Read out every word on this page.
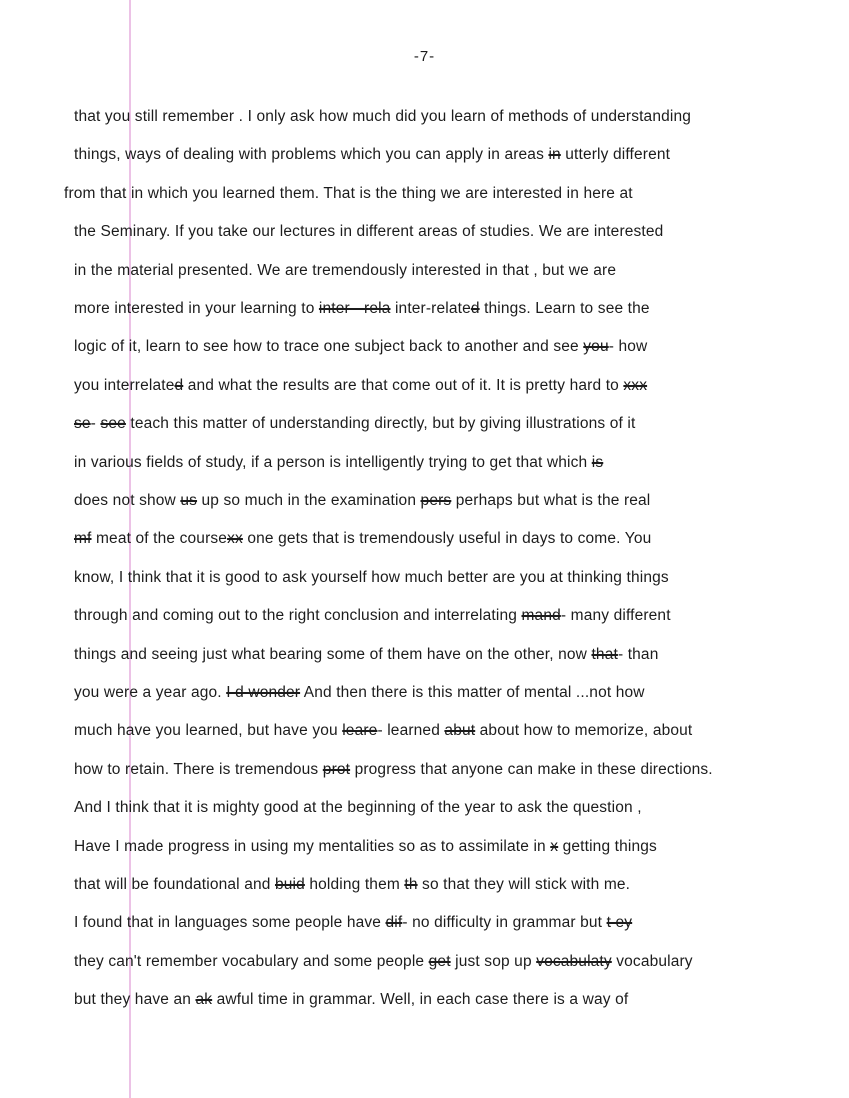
-7-
that you still remember . I only ask how much did you learn of methods of understanding
things, ways of dealing with problems which you can apply in areas in utterly different
from that in which you learned them. That is the thing we are interested in here at
the Seminary. If you take our lectures in different areas of studies. We are interested
in the material presented. We are tremendously interested in that , but we are
more interested in your learning to inter - rela inter-related things. Learn to see the
logic of it, learn to see how to trace one subject back to another and see you- how
you interrelated and what the results are that come out of it. It is pretty hard to xxx
se- see teach this matter of understanding directly, but by giving illustrations of it
in various fields of study, if a person is intelligently trying to get that which is
does not show us up so much in the examination pers perhaps but what is the real
mf meat of the coursexx one gets that is tremendously useful in days to come. You
know, I think that it is good to ask yourself how much better are you at thinking things
through and coming out to the right conclusion and interrelating mand- many different
things and seeing just what bearing some of them have on the other, now that- than
you were a year ago. I d wonder And then there is this matter of mental ...not how
much have you learned, but have you leare- learned abut about how to memorize, about
how to retain. There is tremendous prot progress that anyone can make in these directions.
And I think that it is mighty good at the beginning of the year to ask the question ,
Have I made progress in using my mentalities so as to assimilate in x getting things
that will be foundational and buid holding them th so that they will stick with me.
I found that in languages some people have dif- no difficulty in grammar but t ey
they can't remember vocabulary and some people get just sop up vocabulaty vocabulary
but they have an ak awful time in grammar. Well, in each case there is a way of
